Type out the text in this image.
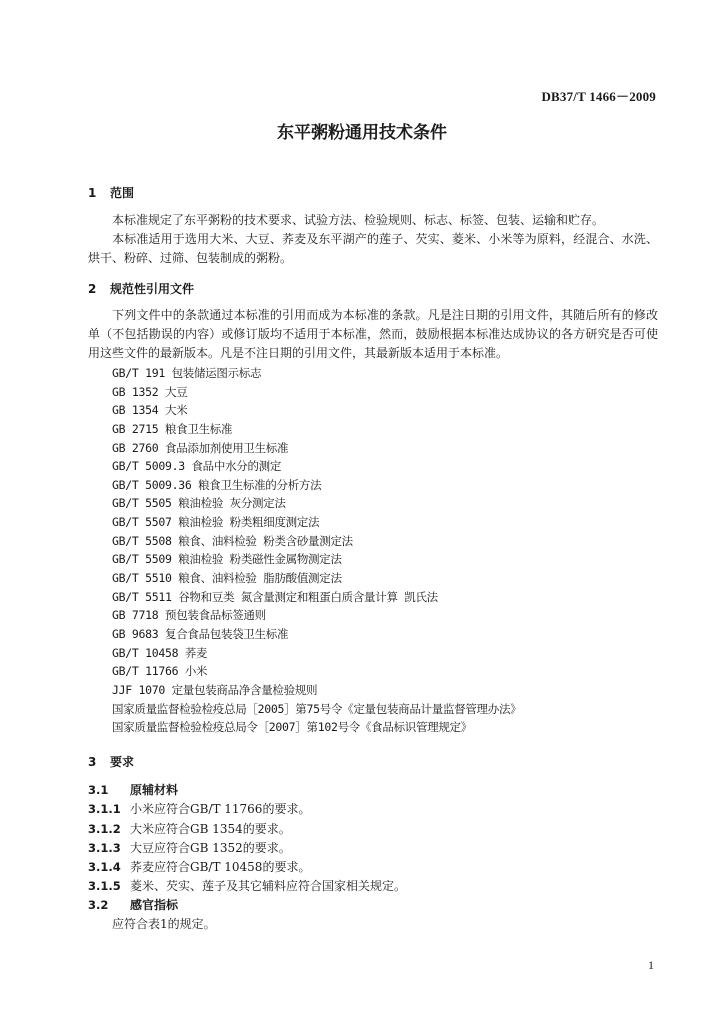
DB37/T 1466－2009
东平粥粉通用技术条件
1 范围
本标准规定了东平粥粉的技术要求、试验方法、检验规则、标志、标签、包装、运输和贮存。
本标准适用于选用大米、大豆、荞麦及东平湖产的莲子、芡实、菱米、小米等为原料，经混合、水洗、烘干、粉碎、过筛、包装制成的粥粉。
2 规范性引用文件
下列文件中的条款通过本标准的引用而成为本标准的条款。凡是注日期的引用文件，其随后所有的修改单（不包括勘误的内容）或修订版均不适用于本标准，然而，鼓励根据本标准达成协议的各方研究是否可使用这些文件的最新版本。凡是不注日期的引用文件，其最新版本适用于本标准。
GB/T 191 包装储运图示标志
GB 1352 大豆
GB 1354 大米
GB 2715 粮食卫生标准
GB 2760 食品添加剂使用卫生标准
GB/T 5009.3 食品中水分的测定
GB/T 5009.36 粮食卫生标准的分析方法
GB/T 5505 粮油检验 灰分测定法
GB/T 5507 粮油检验 粉类粗细度测定法
GB/T 5508 粮食、油料检验 粉类含砂量测定法
GB/T 5509 粮油检验 粉类磁性金属物测定法
GB/T 5510 粮食、油料检验 脂肪酸值测定法
GB/T 5511 谷物和豆类 氮含量测定和粗蛋白质含量计算 凯氏法
GB 7718 预包装食品标签通则
GB 9683 复合食品包装袋卫生标准
GB/T 10458 荞麦
GB/T 11766 小米
JJF 1070 定量包装商品净含量检验规则
国家质量监督检验检疫总局［2005］第75号令《定量包装商品计量监督管理办法》
国家质量监督检验检疫总局令［2007］第102号令《食品标识管理规定》
3 要求
3.1 原辅材料
3.1.1 小米应符合GB/T 11766的要求。
3.1.2 大米应符合GB 1354的要求。
3.1.3 大豆应符合GB 1352的要求。
3.1.4 荞麦应符合GB/T 10458的要求。
3.1.5 菱米、芡实、莲子及其它辅料应符合国家相关规定。
3.2 感官指标
应符合表1的规定。
1
